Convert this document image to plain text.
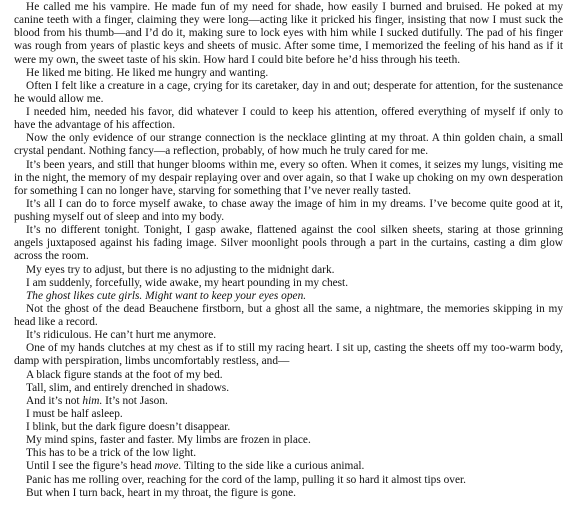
He called me his vampire. He made fun of my need for shade, how easily I burned and bruised. He poked at my canine teeth with a finger, claiming they were long—acting like it pricked his finger, insisting that now I must suck the blood from his thumb—and I’d do it, making sure to lock eyes with him while I sucked dutifully. The pad of his finger was rough from years of plastic keys and sheets of music. After some time, I memorized the feeling of his hand as if it were my own, the sweet taste of his skin. How hard I could bite before he’d hiss through his teeth.

He liked me biting. He liked me hungry and wanting.

Often I felt like a creature in a cage, crying for its caretaker, day in and out; desperate for attention, for the sustenance he would allow me.

I needed him, needed his favor, did whatever I could to keep his attention, offered everything of myself if only to have the advantage of his affection.

Now the only evidence of our strange connection is the necklace glinting at my throat. A thin golden chain, a small crystal pendant. Nothing fancy—a reflection, probably, of how much he truly cared for me.

It’s been years, and still that hunger blooms within me, every so often. When it comes, it seizes my lungs, visiting me in the night, the memory of my despair replaying over and over again, so that I wake up choking on my own desperation for something I can no longer have, starving for something that I’ve never really tasted.

It’s all I can do to force myself awake, to chase away the image of him in my dreams. I’ve become quite good at it, pushing myself out of sleep and into my body.

It’s no different tonight. Tonight, I gasp awake, flattened against the cool silken sheets, staring at those grinning angels juxtaposed against his fading image. Silver moonlight pools through a part in the curtains, casting a dim glow across the room.

My eyes try to adjust, but there is no adjusting to the midnight dark.

I am suddenly, forcefully, wide awake, my heart pounding in my chest.

The ghost likes cute girls. Might want to keep your eyes open.

Not the ghost of the dead Beauchene firstborn, but a ghost all the same, a nightmare, the memories skipping in my head like a record.

It’s ridiculous. He can’t hurt me anymore.

One of my hands clutches at my chest as if to still my racing heart. I sit up, casting the sheets off my too-warm body, damp with perspiration, limbs uncomfortably restless, and—

A black figure stands at the foot of my bed.

Tall, slim, and entirely drenched in shadows.

And it’s not him. It’s not Jason.

I must be half asleep.

I blink, but the dark figure doesn’t disappear.

My mind spins, faster and faster. My limbs are frozen in place.

This has to be a trick of the low light.

Until I see the figure’s head move. Tilting to the side like a curious animal.

Panic has me rolling over, reaching for the cord of the lamp, pulling it so hard it almost tips over.

But when I turn back, heart in my throat, the figure is gone.
